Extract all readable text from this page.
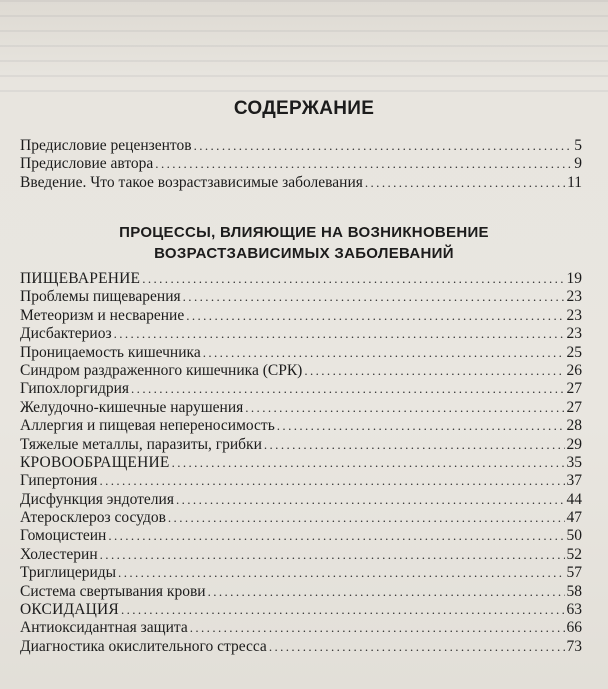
СОДЕРЖАНИЕ
Предисловие рецензентов .....	5
Предисловие автора .....	9
Введение. Что такое возрастзависимые заболевания .....	11
ПРОЦЕССЫ, ВЛИЯЮЩИЕ НА ВОЗНИКНОВЕНИЕ
ВОЗРАСТЗАВИСИМЫХ ЗАБОЛЕВАНИЙ
ПИЩЕВАРЕНИЕ .....	19
Проблемы пищеварения .....	23
Метеоризм и несварение .....	23
Дисбактериоз .....	23
Проницаемость кишечника .....	25
Синдром раздраженного кишечника (СРК) .....	26
Гипохлоргидрия .....	27
Желудочно-кишечные нарушения .....	27
Аллергия и пищевая непереносимость .....	28
Тяжелые металлы, паразиты, грибки .....	29
КРОВООБРАЩЕНИЕ .....	35
Гипертония .....	37
Дисфункция эндотелия .....	44
Атеросклероз сосудов .....	47
Гомоцистеин .....	50
Холестерин .....	52
Триглицериды .....	57
Система свертывания крови .....	58
ОКСИДАЦИЯ .....	63
Антиоксидантная защита .....	66
Диагностика окислительного стресса .....	73
